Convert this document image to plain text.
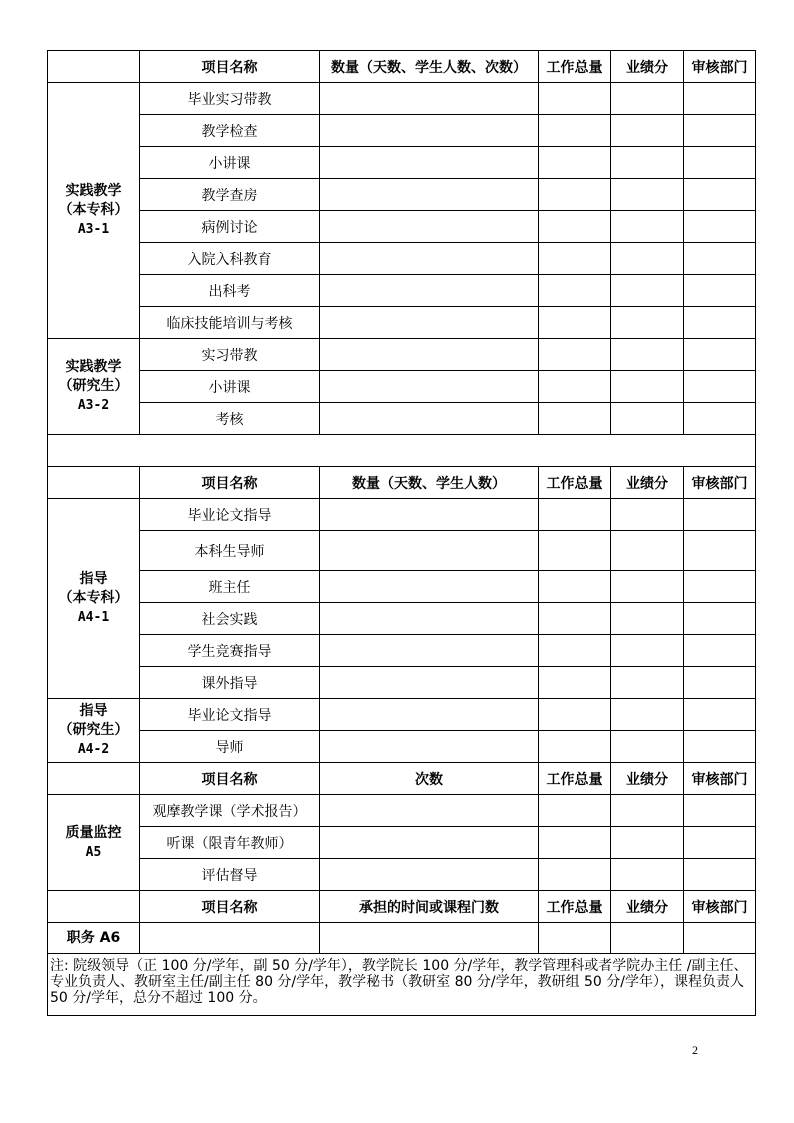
	项目名称	数量（天数、学生人数、次数）	工作总量	业绩分	审核部门

实践教学
（本专科）
A3-1	毕业实习带教				
	教学检查				
	小讲课				
	教学查房				
	病例讨论				
	入院入科教育				
	出科考				
	临床技能培训与考核				

实践教学
（研究生）
A3-2	实习带教				
	小讲课				
	考核				

	项目名称	数量（天数、学生人数）	工作总量	业绩分	审核部门

指导
（本专科）
A4-1	毕业论文指导				
	本科生导师				
	班主任				
	社会实践				
	学生竞赛指导				
	课外指导				

指导
（研究生）
A4-2	毕业论文指导				
	导师				
	项目名称	次数	工作总量	业绩分	审核部门

质量监控
A5	观摩教学课（学术报告）				
	听课（限青年教师）				
	评估督导				
	项目名称	承担的时间或课程门数	工作总量	业绩分	审核部门
职务 A6					
注: 院级领导（正 100 分/学年，副 50 分/学年），教学院长 100 分/学年，教学管理科或者学院办主任 /副主任、专业负责人、教研室主任/副主任 80 分/学年，教学秘书（教研室 80 分/学年，教研组 50 分/学年），课程负责人 50 分/学年，总分不超过 100 分。					
2
